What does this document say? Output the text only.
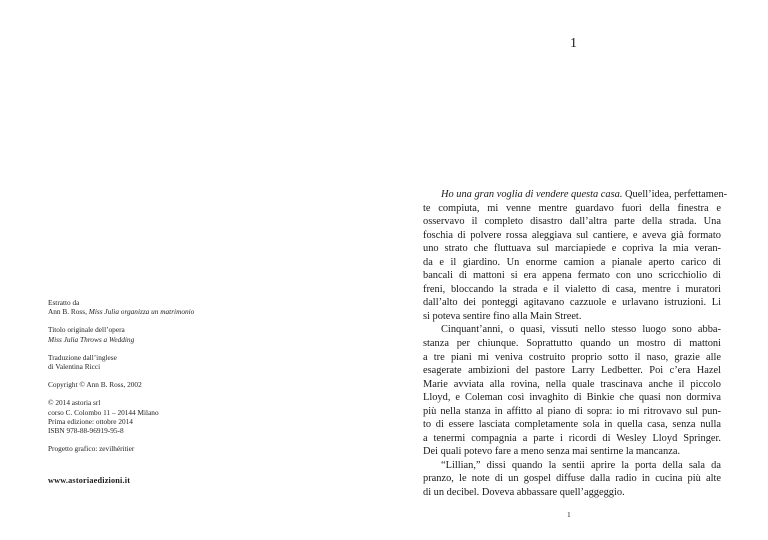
Estratto da
Ann B. Ross, Miss Julia organizza un matrimonio
Titolo originale dell’opera
Miss Julia Throws a Wedding
Traduzione dall’inglese
di Valentina Ricci
Copyright © Ann B. Ross, 2002
© 2014 astoria srl
corso C. Colombo 11 – 20144 Milano
Prima edizione: ottobre 2014
ISBN 978-88-96919-95-8
Progetto grafico: zevilhéritier
www.astoriaedizioni.it
1
Ho una gran voglia di vendere questa casa. Quell’idea, perfettamen-
te compiuta, mi venne mentre guardavo fuori della finestra e
osservavo il completo disastro dall’altra parte della strada. Una
foschia di polvere rossa aleggiava sul cantiere, e aveva già formato
uno strato che fluttuava sul marciapiede e copriva la mia veran-
da e il giardino. Un enorme camion a pianale aperto carico di
bancali di mattoni si era appena fermato con uno scricchiolio di
freni, bloccando la strada e il vialetto di casa, mentre i muratori
dall’alto dei ponteggi agitavano cazzuole e urlavano istruzioni. Li
si poteva sentire fino alla Main Street.
Cinquant’anni, o quasi, vissuti nello stesso luogo sono abba-
stanza per chiunque. Soprattutto quando un mostro di mattoni
a tre piani mi veniva costruito proprio sotto il naso, grazie alle
esagerate ambizioni del pastore Larry Ledbetter. Poi c’era Hazel
Marie avviata alla rovina, nella quale trascinava anche il piccolo
Lloyd, e Coleman così invaghito di Binkie che quasi non dormiva
più nella stanza in affitto al piano di sopra: io mi ritrovavo sul pun-
to di essere lasciata completamente sola in quella casa, senza nulla
a tenermi compagnia a parte i ricordi di Wesley Lloyd Springer.
Dei quali potevo fare a meno senza mai sentirne la mancanza.
“Lillian,” dissi quando la sentii aprire la porta della sala da
pranzo, le note di un gospel diffuse dalla radio in cucina più alte
di un decibel. Doveva abbassare quell’aggeggio.
1
